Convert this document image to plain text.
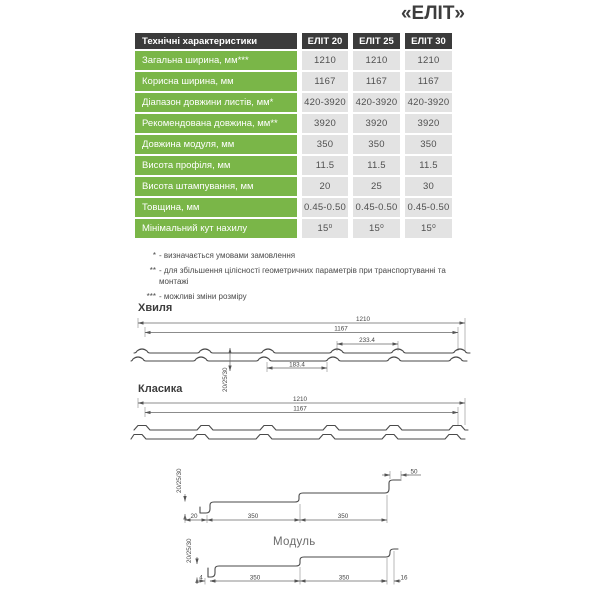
«ЕЛІТ»
Технічні характеристики	ЕЛІТ 20	ЕЛІТ 25	ЕЛІТ 30
Загальна ширина, мм***	1210	1210	1210
Корисна ширина, мм	1167	1167	1167
Діапазон довжини листів, мм*	420-3920 420-3920 420-3920
Рекомендована довжина, мм**	3920	3920	3920
Довжина модуля, мм	350	350	350
Висота профіля, мм	11.5	11.5	11.5
Висота штампування, мм	20	25	30
Товщина, мм	0.45-0.50 0.45-0.50 0.45-0.50
Мінімальний кут нахилу	15⁰	15⁰	15⁰
* - визначається умовами замовлення
** - для збільшення цілісності геометричних параметрів при транспортуванні та монтажі
*** - можливі зміни розміру
Хвиля
1210
1167
233.4
20/25/30
183.4
Класика
1210
1167
20/25/30	50
20	350	350
Модуль
20/25/30
4	350	350	16
